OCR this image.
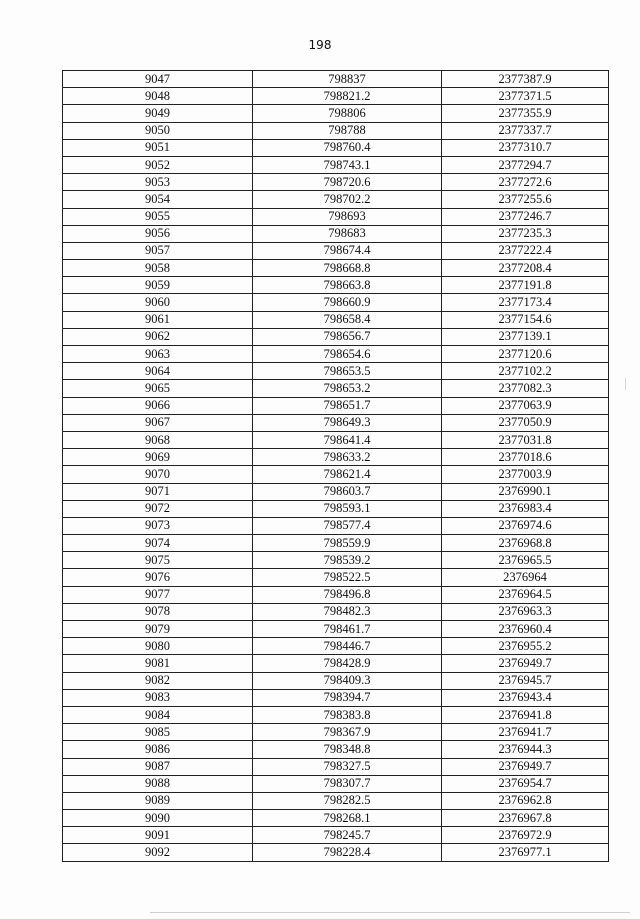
198
9047	798837	2377387.9
9048	798821.2	2377371.5
9049	798806	2377355.9
9050	798788	2377337.7
9051	798760.4	2377310.7
9052	798743.1	2377294.7
9053	798720.6	2377272.6
9054	798702.2	2377255.6
9055	798693	2377246.7
9056	798683	2377235.3
9057	798674.4	2377222.4
9058	798668.8	2377208.4
9059	798663.8	2377191.8
9060	798660.9	2377173.4
9061	798658.4	2377154.6
9062	798656.7	2377139.1
9063	798654.6	2377120.6
9064	798653.5	2377102.2
9065	798653.2	2377082.3
9066	798651.7	2377063.9
9067	798649.3	2377050.9
9068	798641.4	2377031.8
9069	798633.2	2377018.6
9070	798621.4	2377003.9
9071	798603.7	2376990.1
9072	798593.1	2376983.4
9073	798577.4	2376974.6
9074	798559.9	2376968.8
9075	798539.2	2376965.5
9076	798522.5	2376964
9077	798496.8	2376964.5
9078	798482.3	2376963.3
9079	798461.7	2376960.4
9080	798446.7	2376955.2
9081	798428.9	2376949.7
9082	798409.3	2376945.7
9083	798394.7	2376943.4
9084	798383.8	2376941.8
9085	798367.9	2376941.7
9086	798348.8	2376944.3
9087	798327.5	2376949.7
9088	798307.7	2376954.7
9089	798282.5	2376962.8
9090	798268.1	2376967.8
9091	798245.7	2376972.9
9092	798228.4	2376977.1
